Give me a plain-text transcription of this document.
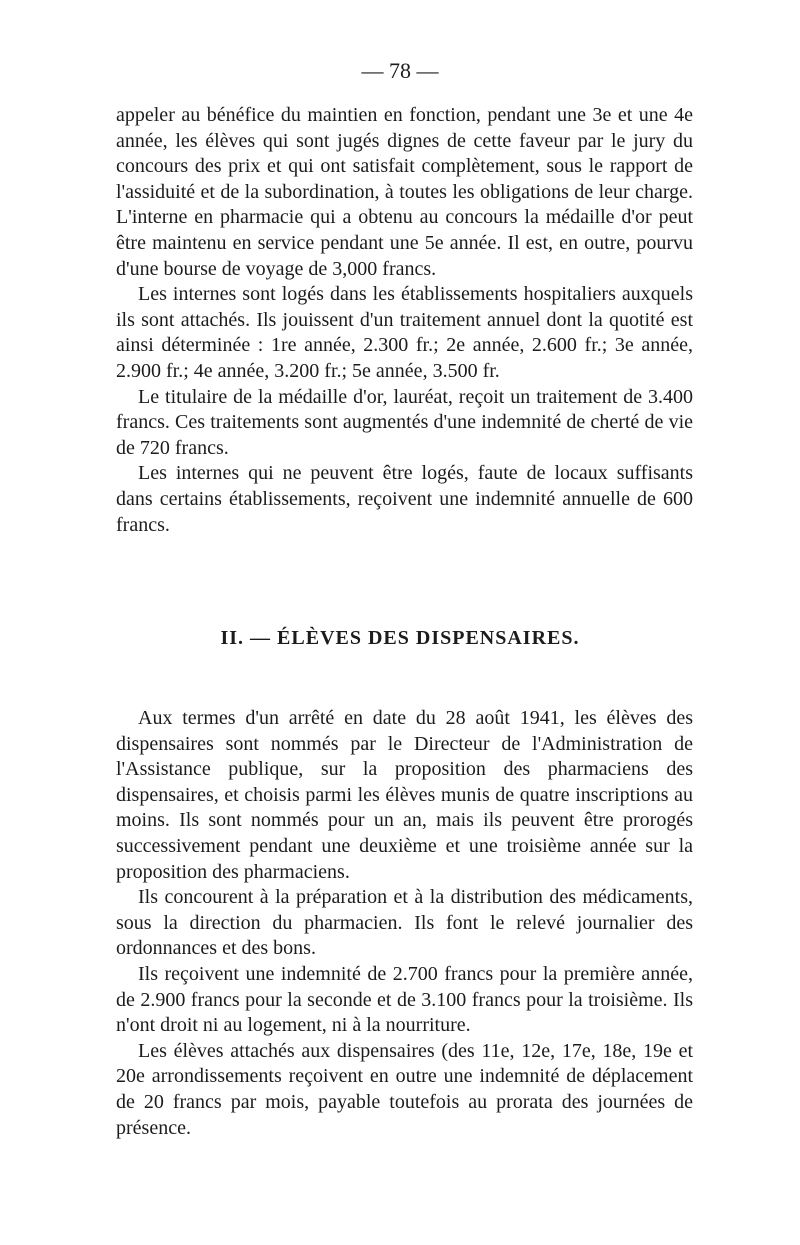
— 78 —

appeler au bénéfice du maintien en fonction, pendant une 3e et une 4e année, les élèves qui sont jugés dignes de cette faveur par le jury du concours des prix et qui ont satisfait complètement, sous le rapport de l'assiduité et de la subordination, à toutes les obligations de leur charge. L'interne en pharmacie qui a obtenu au concours la médaille d'or peut être maintenu en service pendant une 5e année. Il est, en outre, pourvu d'une bourse de voyage de 3,000 francs.

Les internes sont logés dans les établissements hospitaliers auxquels ils sont attachés. Ils jouissent d'un traitement annuel dont la quotité est ainsi déterminée : 1re année, 2.300 fr.; 2e année, 2.600 fr.; 3e année, 2.900 fr.; 4e année, 3.200 fr.; 5e année, 3.500 fr.

Le titulaire de la médaille d'or, lauréat, reçoit un traitement de 3.400 francs. Ces traitements sont augmentés d'une indemnité de cherté de vie de 720 francs.

Les internes qui ne peuvent être logés, faute de locaux suffisants dans certains établissements, reçoivent une indemnité annuelle de 600 francs.

II. — ÉLÈVES DES DISPENSAIRES.

Aux termes d'un arrêté en date du 28 août 1941, les élèves des dispensaires sont nommés par le Directeur de l'Administration de l'Assistance publique, sur la proposition des pharmaciens des dispensaires, et choisis parmi les élèves munis de quatre inscriptions au moins. Ils sont nommés pour un an, mais ils peuvent être prorogés successivement pendant une deuxième et une troisième année sur la proposition des pharmaciens.

Ils concourent à la préparation et à la distribution des médicaments, sous la direction du pharmacien. Ils font le relevé journalier des ordonnances et des bons.

Ils reçoivent une indemnité de 2.700 francs pour la première année, de 2.900 francs pour la seconde et de 3.100 francs pour la troisième. Ils n'ont droit ni au logement, ni à la nourriture.

Les élèves attachés aux dispensaires (des 11e, 12e, 17e, 18e, 19e et 20e arrondissements reçoivent en outre une indemnité de déplacement de 20 francs par mois, payable toutefois au prorata des journées de présence.
